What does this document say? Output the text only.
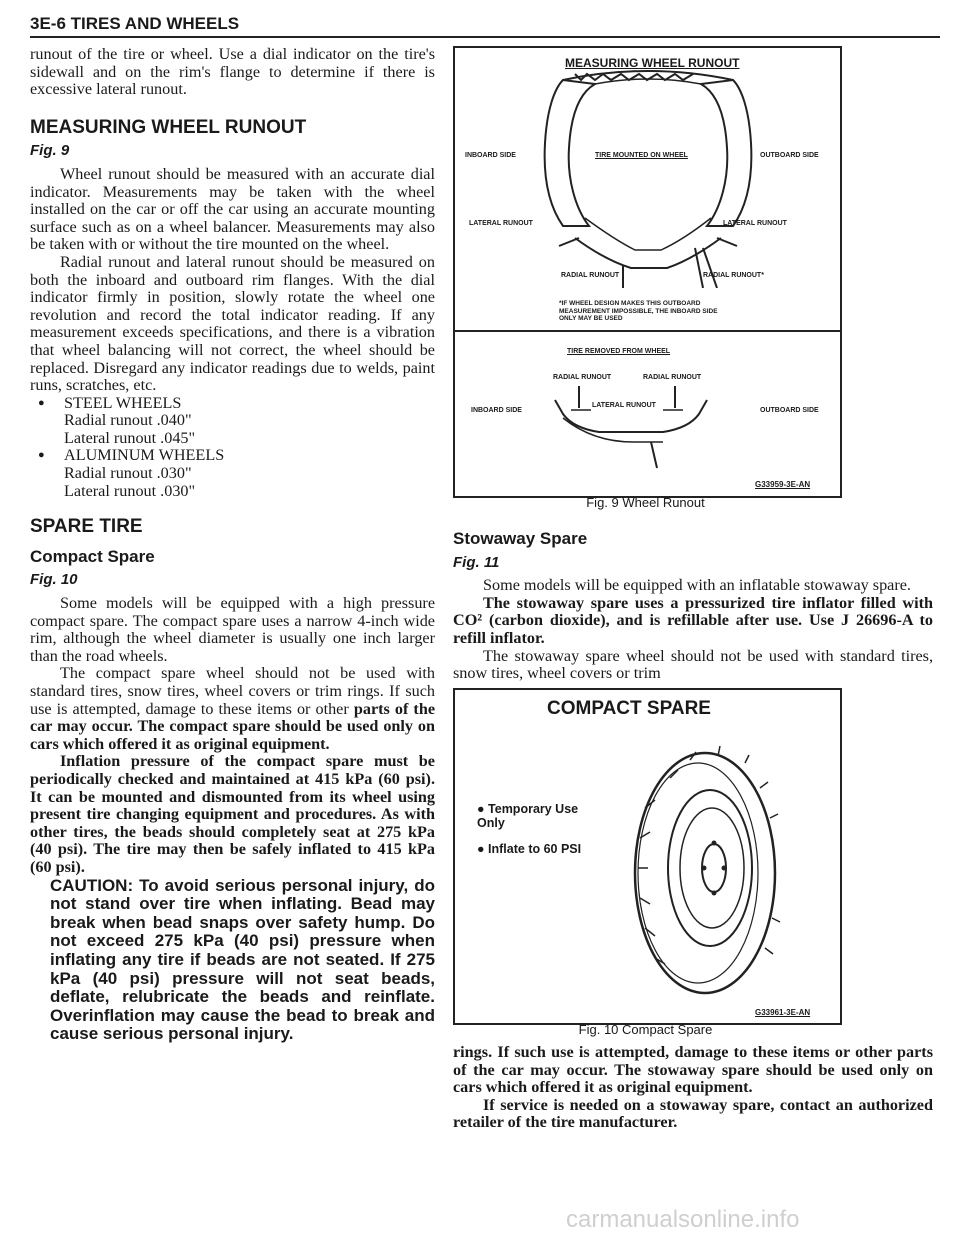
3E-6 TIRES AND WHEELS

runout of the tire or wheel. Use a dial indicator on the tire's sidewall and on the rim's flange to determine if there is excessive lateral runout.

MEASURING WHEEL RUNOUT

Fig. 9

Wheel runout should be measured with an accurate dial indicator. Measurements may be taken with the wheel installed on the car or off the car using an accurate mounting surface such as on a wheel balancer. Measurements may also be taken with or without the tire mounted on the wheel.

Radial runout and lateral runout should be measured on both the inboard and outboard rim flanges. With the dial indicator firmly in position, slowly rotate the wheel one revolution and record the total indicator reading. If any measurement exceeds specifications, and there is a vibration that wheel balancing will not correct, the wheel should be replaced. Disregard any indicator readings due to welds, paint runs, scratches, etc.

● STEEL WHEELS

Radial runout .040"

Lateral runout .045"

● ALUMINUM WHEELS

Radial runout .030"

Lateral runout .030"

SPARE TIRE

Compact Spare

Fig. 10

Some models will be equipped with a high pressure compact spare. The compact spare uses a narrow 4-inch wide rim, although the wheel diameter is usually one inch larger than the road wheels.

The compact spare wheel should not be used with standard tires, snow tires, wheel covers or trim rings. If such use is attempted, damage to these items or other parts of the car may occur. The compact spare should be used only on cars which offered it as original equipment.

Inflation pressure of the compact spare must be periodically checked and maintained at 415 kPa (60 psi). It can be mounted and dismounted from its wheel using present tire changing equipment and procedures. As with other tires, the beads should completely seat at 275 kPa (40 psi). The tire may then be safely inflated to 415 kPa (60 psi).

CAUTION: To avoid serious personal injury, do not stand over tire when inflating. Bead may break when bead snaps over safety hump. Do not exceed 275 kPa (40 psi) pressure when inflating any tire if beads are not seated. If 275 kPa (40 psi) pressure will not seat beads, deflate, relubricate the beads and reinflate. Overinflation may cause the bead to break and cause serious personal injury.

MEASURING WHEEL RUNOUT
TIRE MOUNTED ON WHEEL
INBOARD SIDE	OUTBOARD SIDE
LATERAL RUNOUT	LATERAL RUNOUT
RADIAL RUNOUT	RADIAL RUNOUT*
*IF WHEEL DESIGN MAKES THIS OUTBOARD MEASUREMENT IMPOSSIBLE, THE INBOARD SIDE ONLY MAY BE USED
TIRE REMOVED FROM WHEEL
RADIAL RUNOUT	RADIAL RUNOUT
INBOARD SIDE
LATERAL RUNOUT
OUTBOARD SIDE
G33959-3E-AN
Fig. 9 Wheel Runout

Stowaway Spare

Fig. 11

Some models will be equipped with an inflatable stowaway spare.

The stowaway spare uses a pressurized tire inflator filled with CO² (carbon dioxide), and is refillable after use. Use J 26696-A to refill inflator.

The stowaway spare wheel should not be used with standard tires, snow tires, wheel covers or trim

COMPACT SPARE
● Temporary Use Only
● Inflate to 60 PSI
G33961-3E-AN
Fig. 10 Compact Spare

rings. If such use is attempted, damage to these items or other parts of the car may occur. The stowaway spare should be used only on cars which offered it as original equipment.

If service is needed on a stowaway spare, contact an authorized retailer of the tire manufacturer.

carmanualsonline.info
